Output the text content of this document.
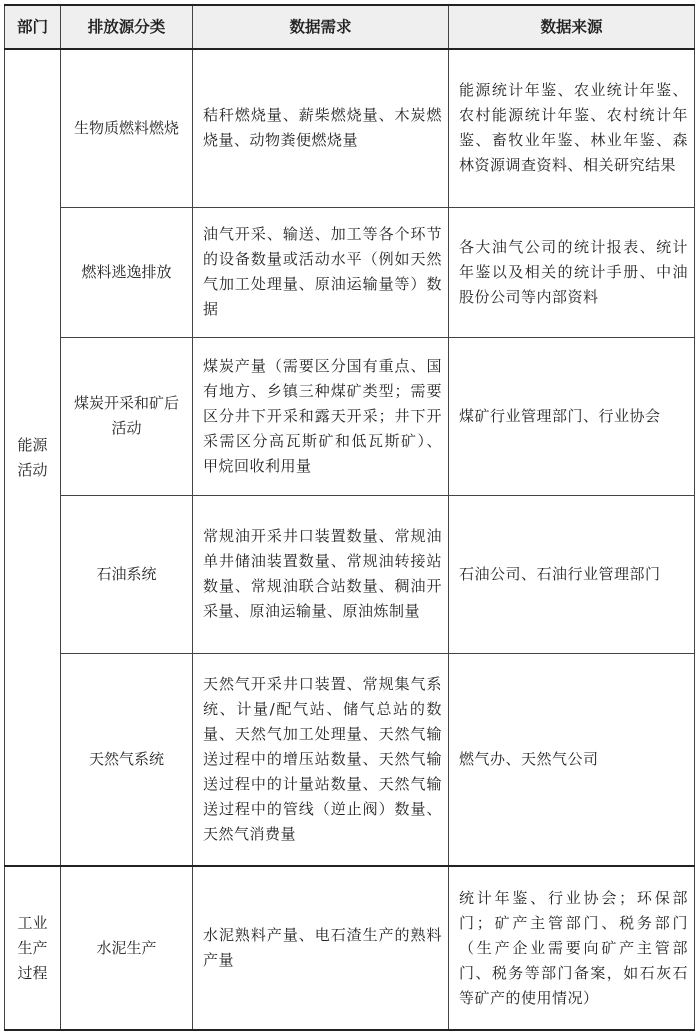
部门	排放源分类	数据需求	数据来源
能源活动	生物质燃料燃烧	秸秆燃烧量、薪柴燃烧量、木炭燃烧量、动物粪便燃烧量	能源统计年鉴、农业统计年鉴、农村能源统计年鉴、农村统计年鉴、畜牧业年鉴、林业年鉴、森林资源调查资料、相关研究结果
	燃料逃逸排放	油气开采、输送、加工等各个环节的设备数量或活动水平（例如天然气加工处理量、原油运输量等）数据	各大油气公司的统计报表、统计年鉴以及相关的统计手册、中油股份公司等内部资料
	煤炭开采和矿后活动	煤炭产量（需要区分国有重点、国有地方、乡镇三种煤矿类型；需要区分井下开采和露天开采；井下开采需区分高瓦斯矿和低瓦斯矿）、甲烷回收利用量	煤矿行业管理部门、行业协会
	石油系统	常规油开采井口装置数量、常规油单井储油装置数量、常规油转接站数量、常规油联合站数量、稠油开采量、原油运输量、原油炼制量	石油公司、石油行业管理部门
	天然气系统	天然气开采井口装置、常规集气系统、计量/配气站、储气总站的数量、天然气加工处理量、天然气输送过程中的增压站数量、天然气输送过程中的计量站数量、天然气输送过程中的管线（逆止阀）数量、天然气消费量	燃气办、天然气公司
工业生产过程	水泥生产	水泥熟料产量、电石渣生产的熟料产量	统计年鉴、行业协会；环保部门；矿产主管部门、税务部门（生产企业需要向矿产主管部门、税务等部门备案，如石灰石等矿产的使用情况）
